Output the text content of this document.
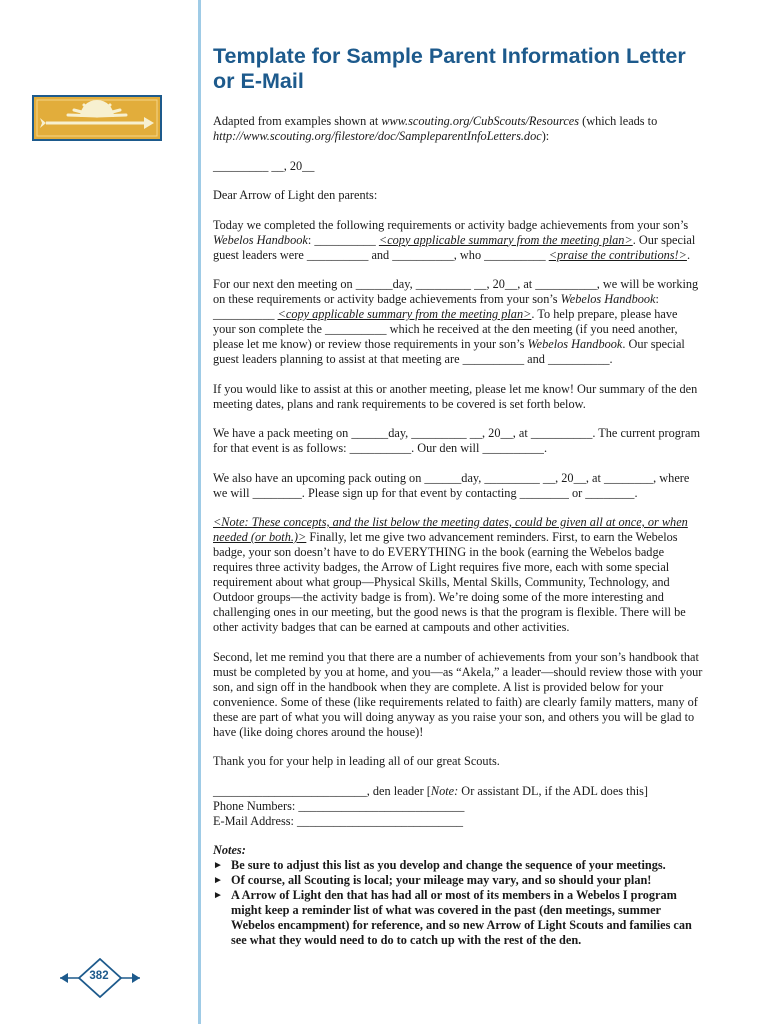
Template for Sample Parent Information Letter or E-Mail

Adapted from examples shown at www.scouting.org/CubScouts/Resources (which leads to http://www.scouting.org/filestore/doc/SampleparentInfoLetters.doc):

_________ __, 20__

Dear Arrow of Light den parents:

Today we completed the following requirements or activity badge achievements from your son’s Webelos Handbook: __________ <copy applicable summary from the meeting plan>. Our special guest leaders were __________ and __________, who __________ <praise the contributions!>.

For our next den meeting on ______day, _________ __, 20__, at __________, we will be working on these requirements or activity badge achievements from your son’s Webelos Handbook: __________ <copy applicable summary from the meeting plan>. To help prepare, please have your son complete the __________ which he received at the den meeting (if you need another, please let me know) or review those requirements in your son’s Webelos Handbook. Our special guest leaders planning to assist at that meeting are __________ and __________.

If you would like to assist at this or another meeting, please let me know! Our summary of the den meeting dates, plans and rank requirements to be covered is set forth below.

We have a pack meeting on ______day, _________ __, 20__, at __________. The current program for that event is as follows: __________. Our den will __________.

We also have an upcoming pack outing on ______day, _________ __, 20__, at ________, where we will ________. Please sign up for that event by contacting ________ or ________.

<Note: These concepts, and the list below the meeting dates, could be given all at once, or when needed (or both.)> Finally, let me give two advancement reminders. First, to earn the Webelos badge, your son doesn’t have to do EVERYTHING in the book (earning the Webelos badge requires three activity badges, the Arrow of Light requires five more, each with some special requirement about what group—Physical Skills, Mental Skills, Community, Technology, and Outdoor groups—the activity badge is from). We’re doing some of the more interesting and challenging ones in our meeting, but the good news is that the program is flexible. There will be other activity badges that can be earned at campouts and other activities.

Second, let me remind you that there are a number of achievements from your son’s handbook that must be completed by you at home, and you—as “Akela,” a leader—should review those with your son, and sign off in the handbook when they are complete. A list is provided below for your convenience. Some of these (like requirements related to faith) are clearly family matters, many of these are part of what you will doing anyway as you raise your son, and others you will be glad to have (like doing chores around the house)!

Thank you for your help in leading all of our great Scouts.

_________________________, den leader [Note: Or assistant DL, if the ADL does this]
Phone Numbers: ___________________________
E-Mail Address: ___________________________

Notes:
► Be sure to adjust this list as you develop and change the sequence of your meetings.
► Of course, all Scouting is local; your mileage may vary, and so should your plan!
► A Arrow of Light den that has had all or most of its members in a Webelos I program might keep a reminder list of what was covered in the past (den meetings, summer Webelos encampment) for reference, and so new Arrow of Light Scouts and families can see what they would need to do to catch up with the rest of the den.
382
